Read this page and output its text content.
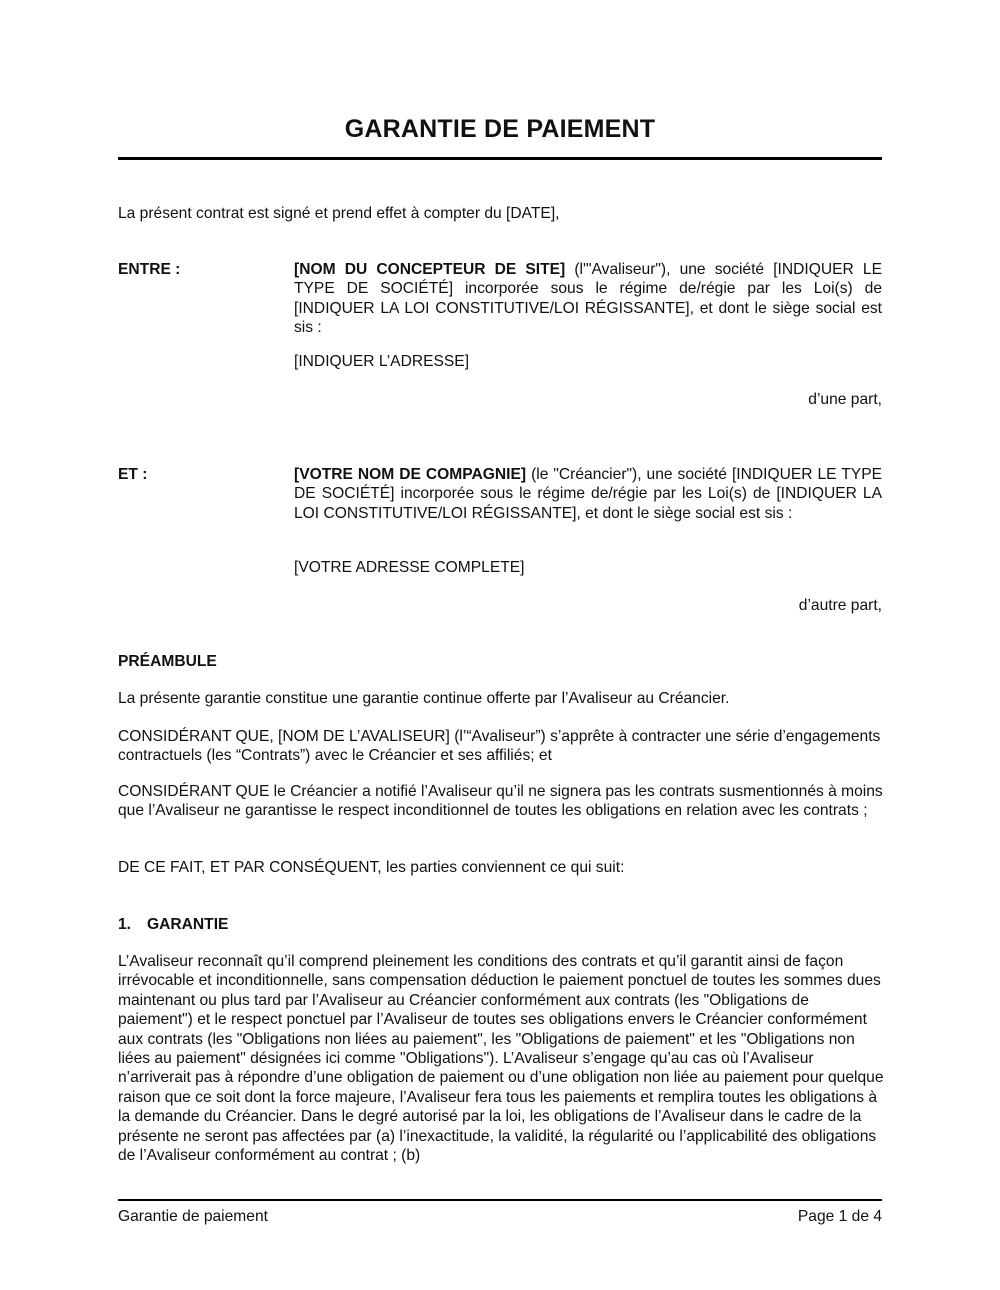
GARANTIE DE PAIEMENT
La présent contrat est signé et prend effet à compter du [DATE],
ENTRE :	[NOM DU CONCEPTEUR DE SITE] (l'"Avaliseur"), une société [INDIQUER LE TYPE DE SOCIÉTÉ] incorporée sous le régime de/régie par les Loi(s) de [INDIQUER LA LOI CONSTITUTIVE/LOI RÉGISSANTE], et dont le siège social est sis :
[INDIQUER L’ADRESSE]
d’une part,
ET :	[VOTRE NOM DE COMPAGNIE] (le "Créancier"), une société [INDIQUER LE TYPE DE SOCIÉTÉ] incorporée sous le régime de/régie par les Loi(s) de [INDIQUER LA LOI CONSTITUTIVE/LOI RÉGISSANTE], et dont le siège social est sis :
[VOTRE ADRESSE COMPLETE]
d’autre part,
PRÉAMBULE
La présente garantie constitue une garantie continue offerte par l’Avaliseur au Créancier.
CONSIDÉRANT QUE, [NOM DE L’AVALISEUR] (l’“Avaliseur”) s’apprête à contracter une série d’engagements contractuels (les “Contrats”) avec le Créancier et ses affiliés; et
CONSIDÉRANT QUE le Créancier a notifié l’Avaliseur qu’il ne signera pas les contrats susmentionnés à moins que l’Avaliseur ne garantisse le respect inconditionnel de toutes les obligations en relation avec les contrats ;
DE CE FAIT, ET PAR CONSÉQUENT, les parties conviennent ce qui suit:
1. GARANTIE
L’Avaliseur reconnaît qu’il comprend pleinement les conditions des contrats et qu’il garantit ainsi de façon irrévocable et inconditionnelle, sans compensation déduction le paiement ponctuel de toutes les sommes dues maintenant ou plus tard par l’Avaliseur au Créancier conformément aux contrats (les "Obligations de paiement") et le respect ponctuel par l’Avaliseur de toutes ses obligations envers le Créancier conformément aux contrats (les "Obligations non liées au paiement", les "Obligations de paiement" et les "Obligations non liées au paiement" désignées ici comme "Obligations"). L’Avaliseur s’engage qu’au cas où l’Avaliseur n’arriverait pas à répondre d’une obligation de paiement ou d’une obligation non liée au paiement pour quelque raison que ce soit dont la force majeure, l’Avaliseur fera tous les paiements et remplira toutes les obligations à la demande du Créancier. Dans le degré autorisé par la loi, les obligations de l’Avaliseur dans le cadre de la présente ne seront pas affectées par (a) l’inexactitude, la validité, la régularité ou l’applicabilité des obligations de l’Avaliseur conformément au contrat ; (b)
Garantie de paiement	Page 1 de 4
